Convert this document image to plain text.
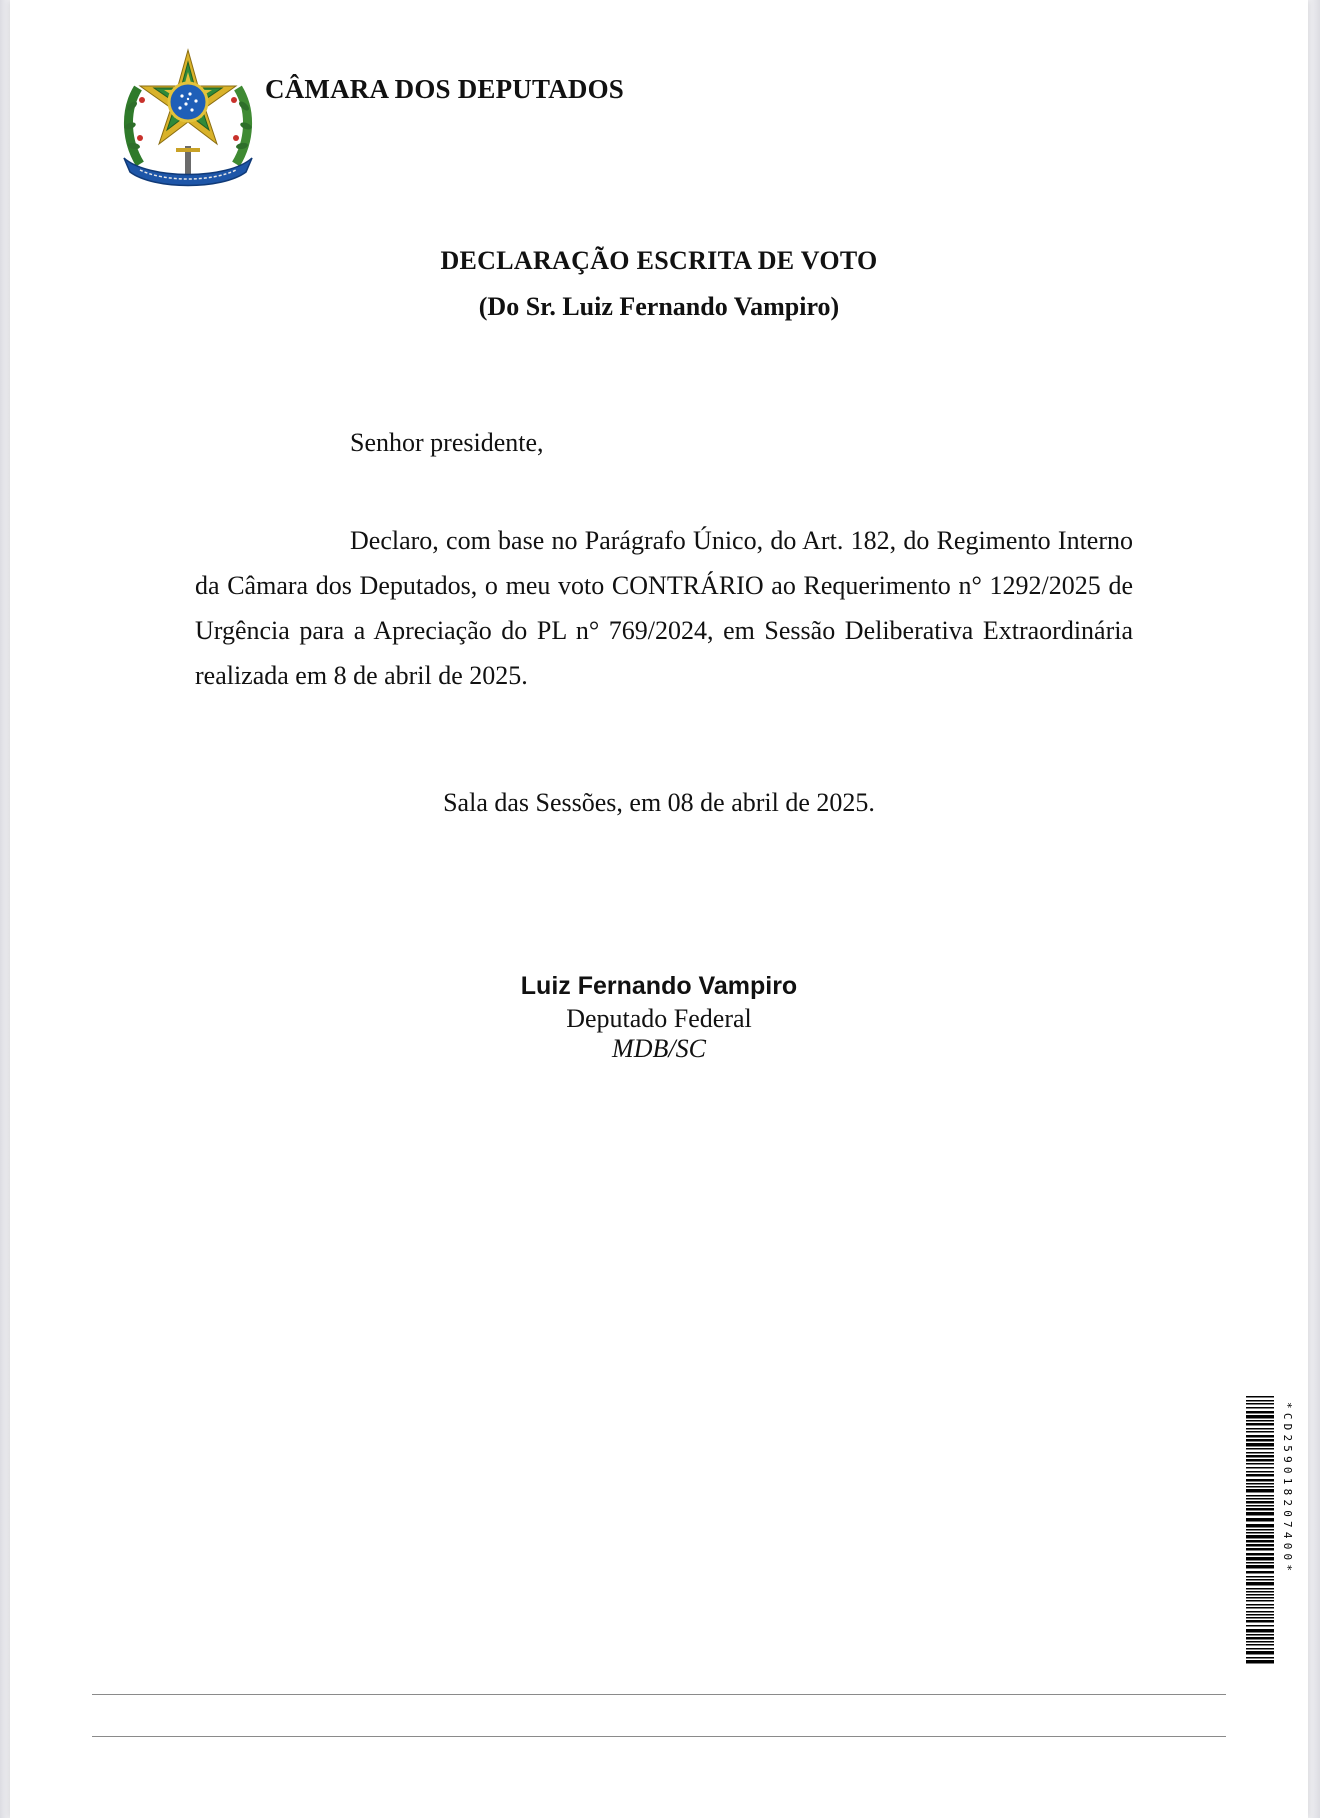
CÂMARA DOS DEPUTADOS
DECLARAÇÃO ESCRITA DE VOTO
(Do Sr. Luiz Fernando Vampiro)
Senhor presidente,
Declaro, com base no Parágrafo Único, do Art. 182, do Regimento Interno da Câmara dos Deputados, o meu voto CONTRÁRIO ao Requerimento n° 1292/2025 de Urgência para a Apreciação do PL n° 769/2024, em Sessão Deliberativa Extraordinária realizada em 8 de abril de 2025.
Sala das Sessões, em 08 de abril de 2025.
Luiz Fernando Vampiro
Deputado Federal
MDB/SC
*CD259018207400*
